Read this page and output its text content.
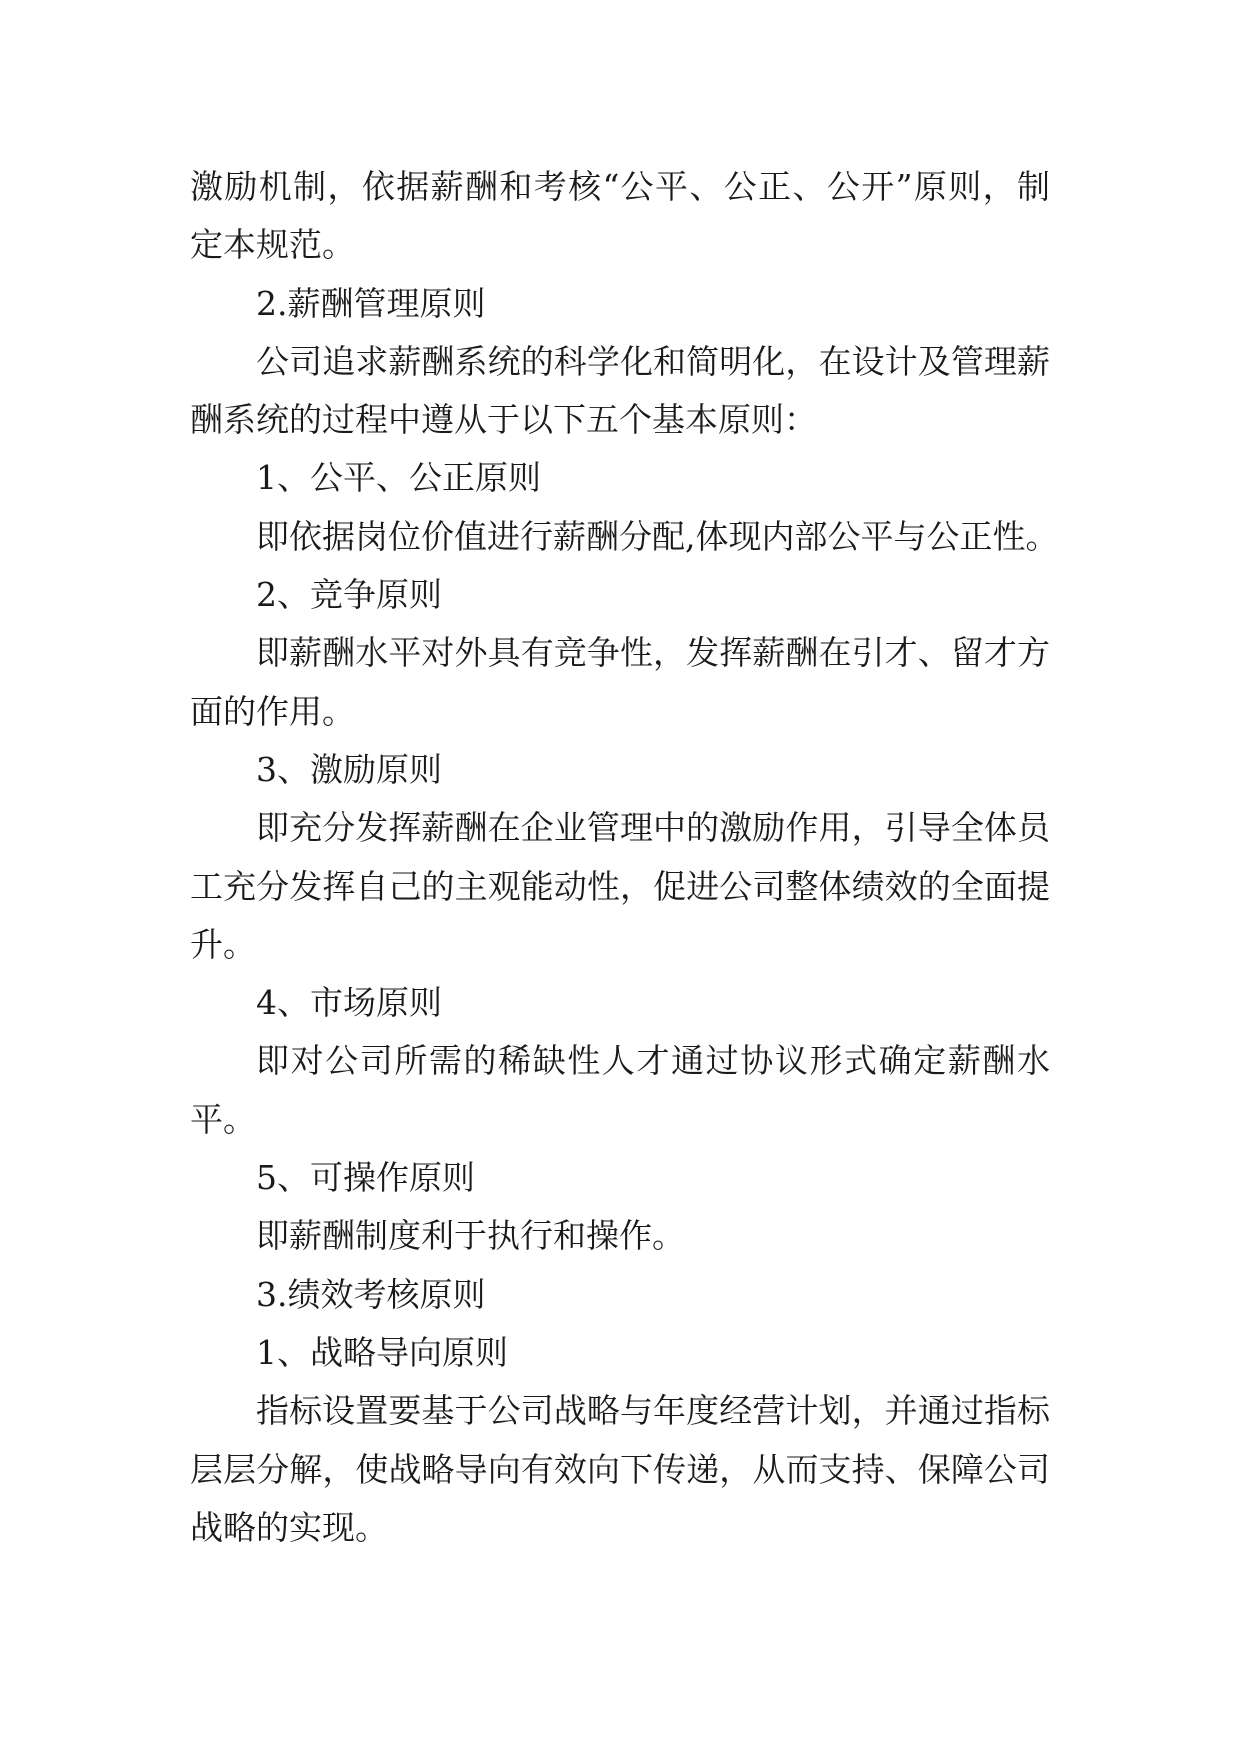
激励机制，依据薪酬和考核“公平、公正、公开”原则，制
定本规范。
2.薪酬管理原则
公司追求薪酬系统的科学化和简明化，在设计及管理薪
酬系统的过程中遵从于以下五个基本原则：
1、公平、公正原则
即依据岗位价值进行薪酬分配,体现内部公平与公正性。
2、竞争原则
即薪酬水平对外具有竞争性，发挥薪酬在引才、留才方
面的作用。
3、激励原则
即充分发挥薪酬在企业管理中的激励作用，引导全体员
工充分发挥自己的主观能动性，促进公司整体绩效的全面提
升。
4、市场原则
即对公司所需的稀缺性人才通过协议形式确定薪酬水
平。
5、可操作原则
即薪酬制度利于执行和操作。
3.绩效考核原则
1、战略导向原则
指标设置要基于公司战略与年度经营计划，并通过指标
层层分解，使战略导向有效向下传递，从而支持、保障公司
战略的实现。
